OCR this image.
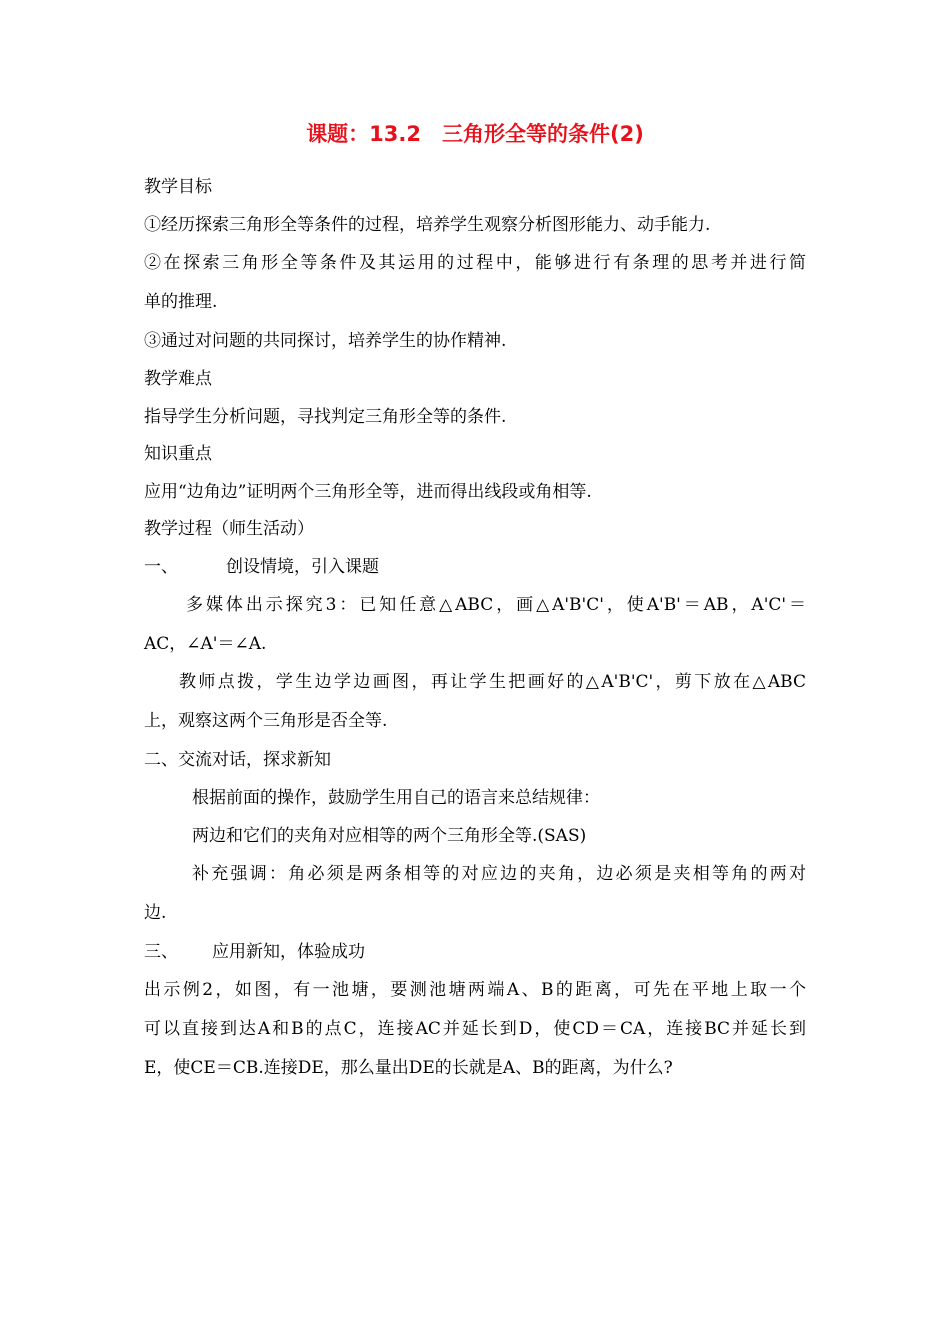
课题：13.2　三角形全等的条件(2)
教学目标
①经历探索三角形全等条件的过程，培养学生观察分析图形能力、动手能力.
②在探索三角形全等条件及其运用的过程中，能够进行有条理的思考并进行简
单的推理.
③通过对问题的共同探讨，培养学生的协作精神.
教学难点
指导学生分析问题，寻找判定三角形全等的条件.
知识重点
应用“边角边”证明两个三角形全等，进而得出线段或角相等.
教学过程（师生活动）
一、	创设情境，引入课题
多媒体出示探究3：已知任意△ABC，画△A'B'C'，使A'B'＝AB，A'C'＝
AC，∠A'＝∠A.
教师点拨，学生边学边画图，再让学生把画好的△A'B'C'，剪下放在△ABC
上，观察这两个三角形是否全等.
二、交流对话，探求新知
根据前面的操作，鼓励学生用自己的语言来总结规律：
两边和它们的夹角对应相等的两个三角形全等.(SAS)
补充强调：角必须是两条相等的对应边的夹角，边必须是夹相等角的两对
边.
三、 应用新知，体验成功
出示例2，如图，有一池塘，要测池塘两端A、B的距离，可先在平地上取一个
可以直接到达A和B的点C，连接AC并延长到D，使CD＝CA，连接BC并延长到
E，使CE＝CB.连接DE，那么量出DE的长就是A、B的距离，为什么?
